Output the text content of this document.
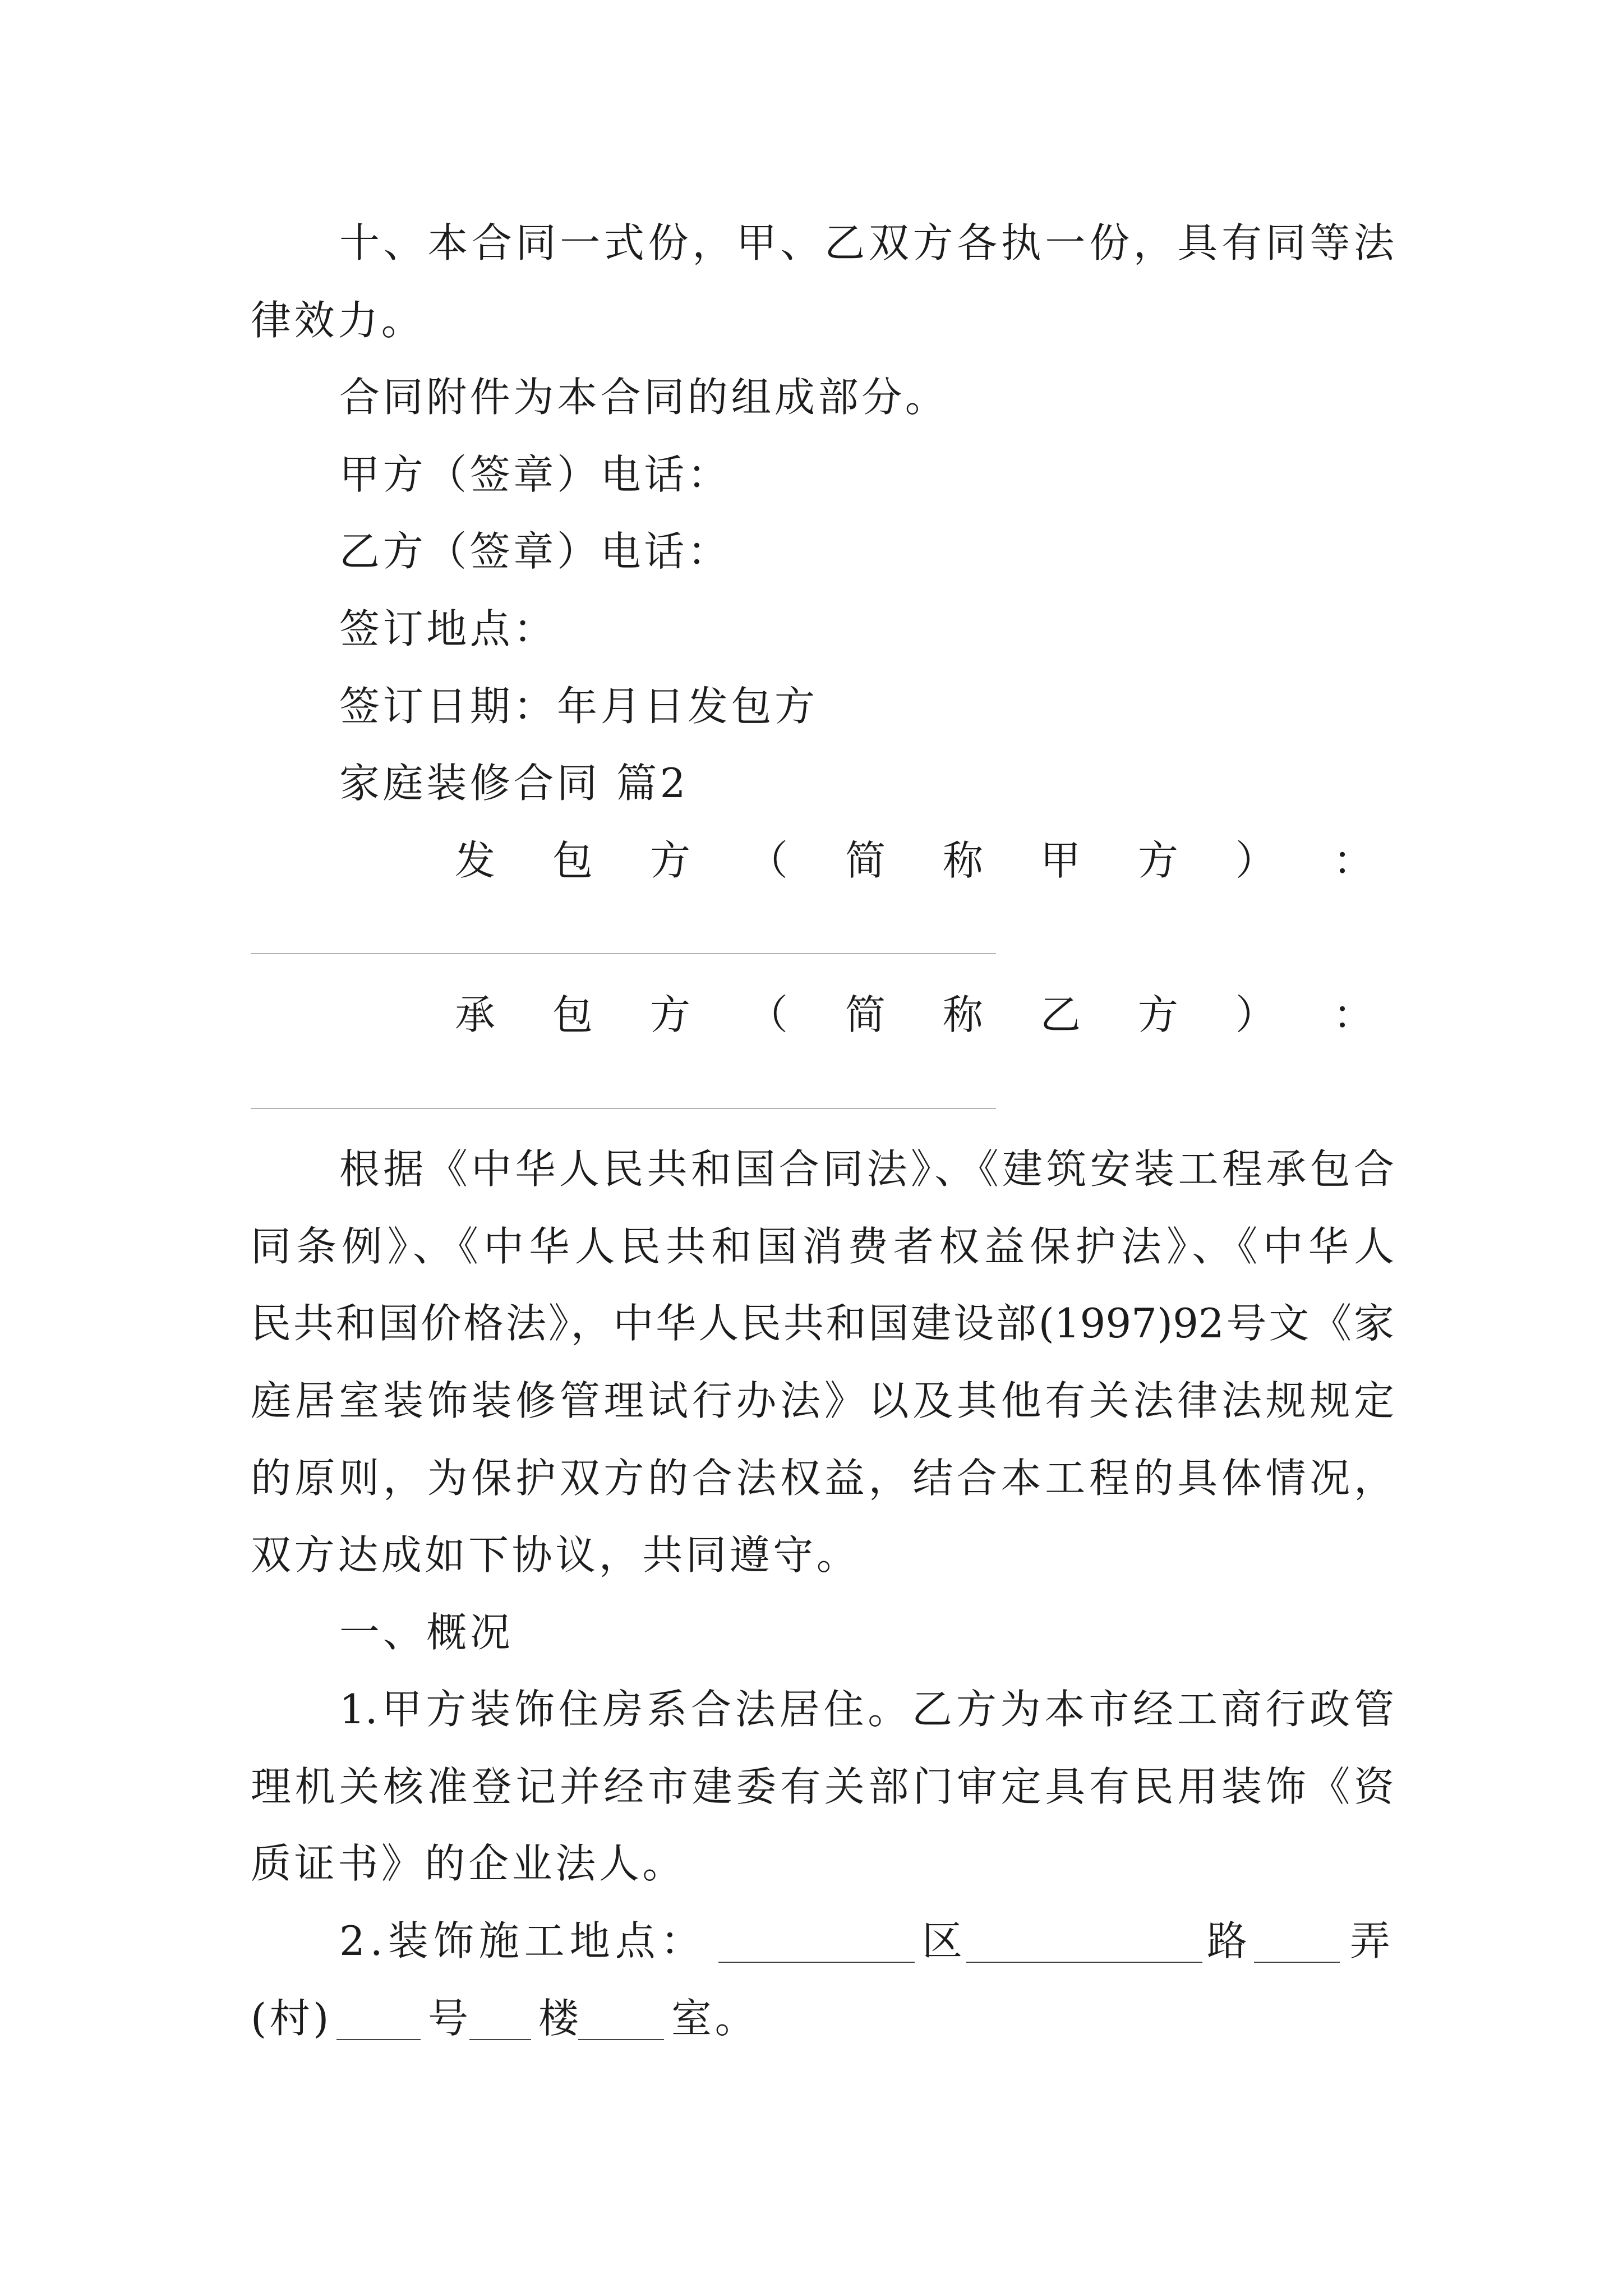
十、本合同一式份，甲、乙双方各执一份，具有同等法
律效力。
合同附件为本合同的组成部分。
甲方（签章）电话：
乙方（签章）电话：
签订地点：
签订日期：年月日发包方
家庭装修合同 篇2
发 包 方 （ 简 称 甲 方 ） ：
承 包 方 （ 简 称 乙 方 ） ：
根据《中华人民共和国合同法》、《建筑安装工程承包合
同条例》、《中华人民共和国消费者权益保护法》、《中华人
民共和国价格法》，中华人民共和国建设部(1997)92号文《家
庭居室装饰装修管理试行办法》以及其他有关法律法规规定
的原则，为保护双方的合法权益，结合本工程的具体情况，
双方达成如下协议，共同遵守。
一、概况
1.甲方装饰住房系合法居住。乙方为本市经工商行政管
理机关核准登记并经市建委有关部门审定具有民用装饰《资
质证书》的企业法人。
2.装饰施工地点：	区	路 弄
(村) 号 楼 室。
